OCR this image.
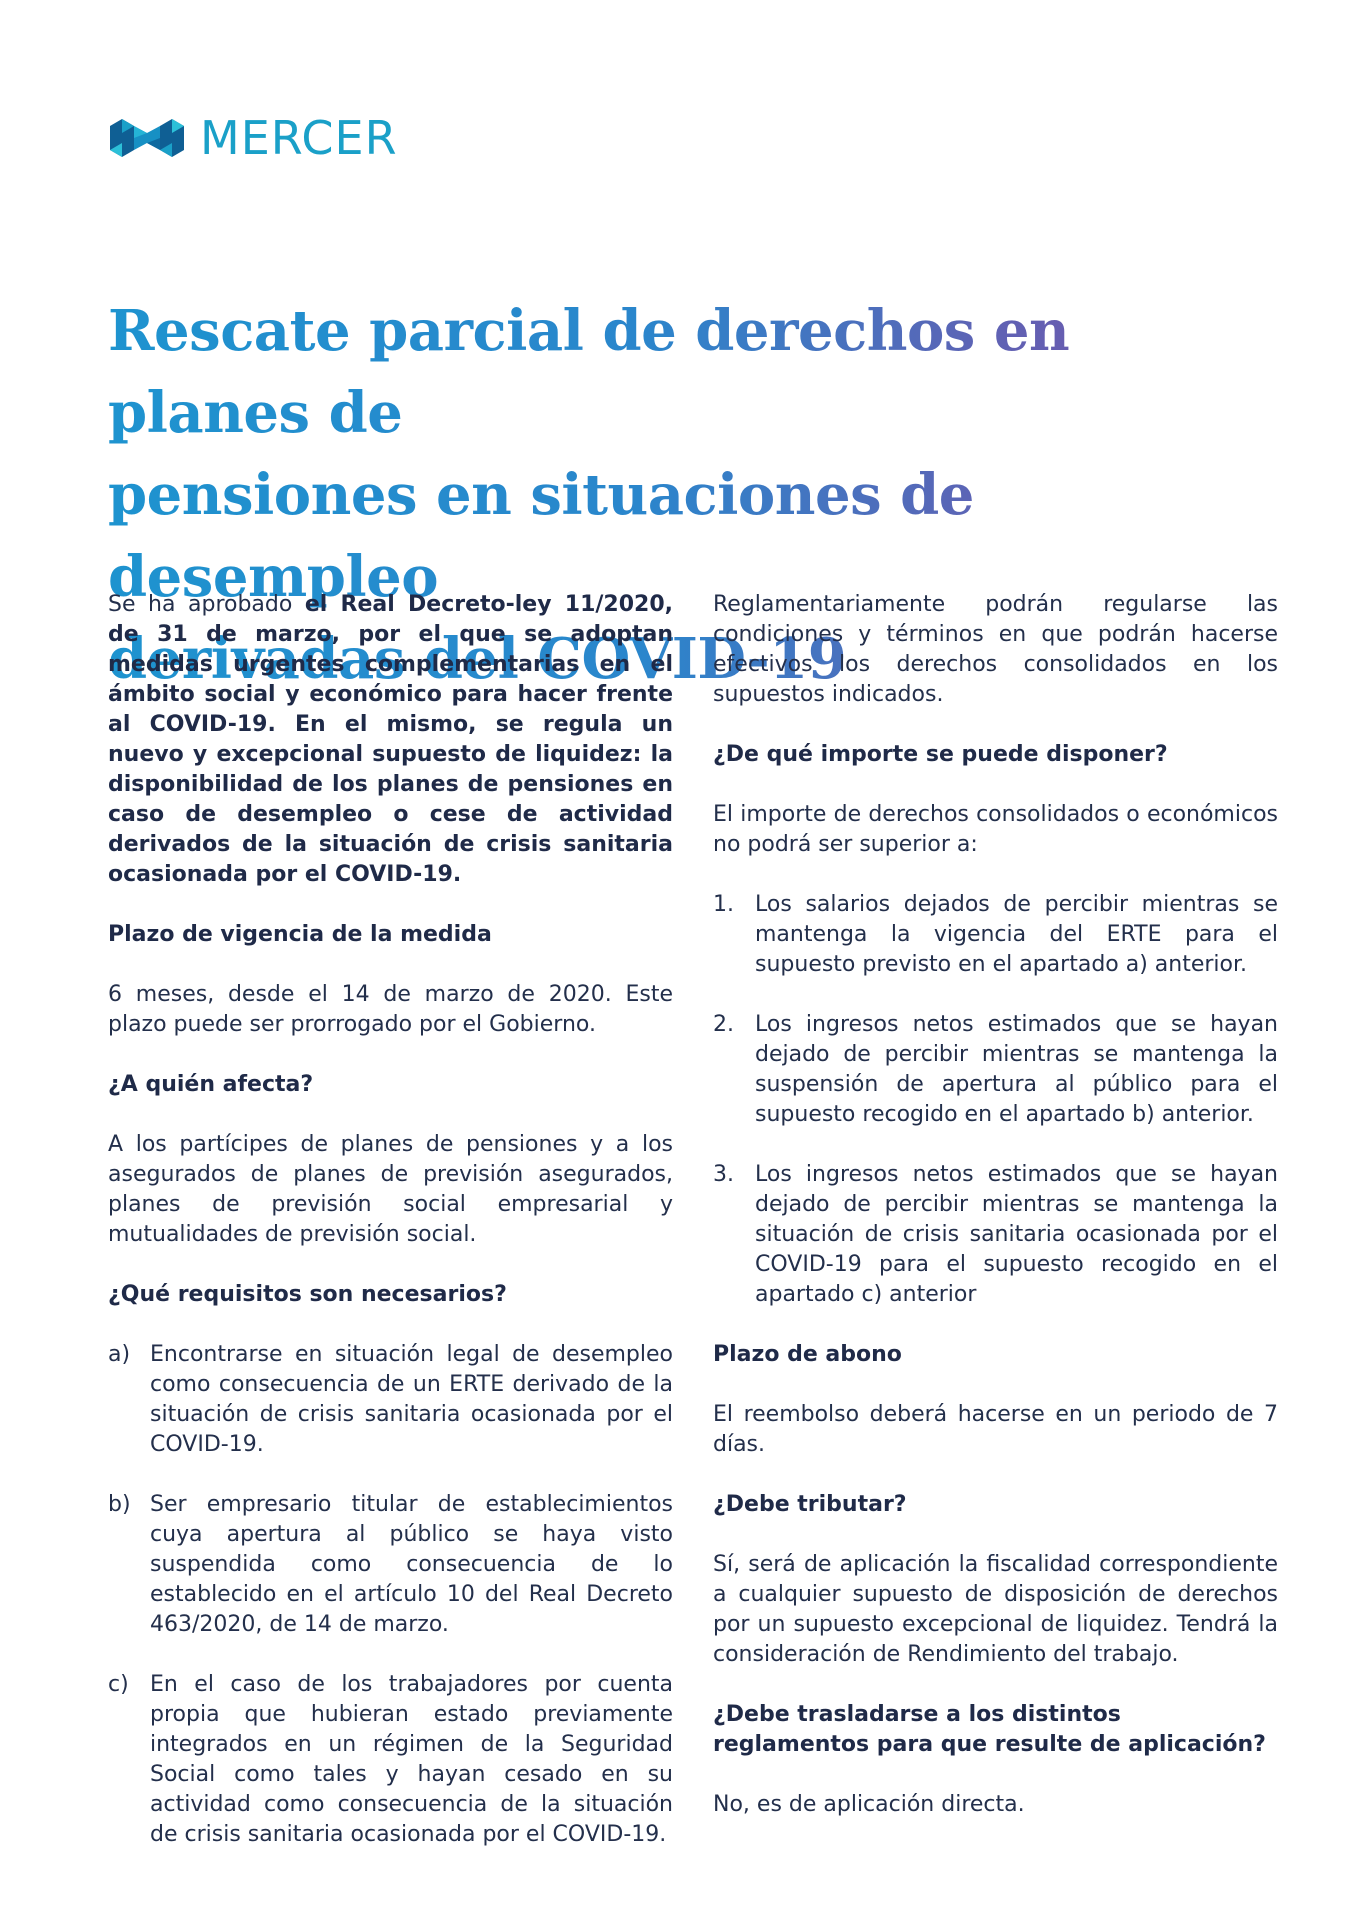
MERCER
Rescate parcial de derechos en planes de
pensiones en situaciones de desempleo
derivadas del COVID-19

Se ha aprobado el Real Decreto-ley 11/2020, de 31 de marzo, por el que se adoptan medidas urgentes complementarias en el ámbito social y económico para hacer frente al COVID-19. En el mismo, se regula un nuevo y excepcional supuesto de liquidez: la disponibilidad de los planes de pensiones en caso de desempleo o cese de actividad derivados de la situación de crisis sanitaria ocasionada por el COVID-19.

Plazo de vigencia de la medida

6 meses, desde el 14 de marzo de 2020. Este plazo puede ser prorrogado por el Gobierno.

¿A quién afecta?

A los partícipes de planes de pensiones y a los asegurados de planes de previsión asegurados, planes de previsión social empresarial y mutualidades de previsión social.

¿Qué requisitos son necesarios?
a) Encontrarse en situación legal de desempleo como consecuencia de un ERTE derivado de la situación de crisis sanitaria ocasionada por el COVID-19.
b) Ser empresario titular de establecimientos cuya apertura al público se haya visto suspendida como consecuencia de lo establecido en el artículo 10 del Real Decreto 463/2020, de 14 de marzo.
c) En el caso de los trabajadores por cuenta propia que hubieran estado previamente integrados en un régimen de la Seguridad Social como tales y hayan cesado en su actividad como consecuencia de la situación de crisis sanitaria ocasionada por el COVID-19.

Reglamentariamente podrán regularse las condiciones y términos en que podrán hacerse efectivos los derechos consolidados en los supuestos indicados.

¿De qué importe se puede disponer?

El importe de derechos consolidados o económicos no podrá ser superior a:

1. Los salarios dejados de percibir mientras se mantenga la vigencia del ERTE para el supuesto previsto en el apartado a) anterior.
2. Los ingresos netos estimados que se hayan dejado de percibir mientras se mantenga la suspensión de apertura al público para el supuesto recogido en el apartado b) anterior.
3. Los ingresos netos estimados que se hayan dejado de percibir mientras se mantenga la situación de crisis sanitaria ocasionada por el COVID-19 para el supuesto recogido en el apartado c) anterior
Plazo de abono

El reembolso deberá hacerse en un periodo de 7 días.

¿Debe tributar?

Sí, será de aplicación la fiscalidad correspondiente a cualquier supuesto de disposición de derechos por un supuesto excepcional de liquidez. Tendrá la consideración de Rendimiento del trabajo.

¿Debe trasladarse a los distintos reglamentos para que resulte de aplicación?

No, es de aplicación directa.
